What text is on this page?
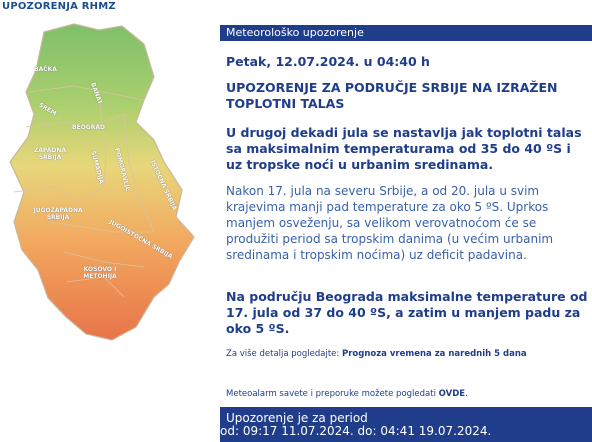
UPOZORENJA RHMZ
BAČKA
BANAT
SREM
BEOGRAD
ZAPADNA SRBIJA	ŠUMADIJA POMORAVLJE	ISTOČNA SRBIJA
JUGOZAPADNA SRBIJA
JUGOISTOČNA SRBIJA
KOSOVO I METOHIJA
Meteorološko upozorenje
Petak, 12.07.2024. u 04:40 h
UPOZORENJE ZA PODRUČJE SRBIJE NA IZRAŽEN TOPLOTNI TALAS
U drugoj dekadi jula se nastavlja jak toplotni talas sa maksimalnim temperaturama od 35 do 40 ºS i uz tropske noći u urbanim sredinama.
Nakon 17. jula na severu Srbije, a od 20. jula u svim krajevima manji pad temperature za oko 5 ºS. Uprkos manjem osveženju, sa velikom verovatnoćom će se produžiti period sa tropskim danima (u većim urbanim sredinama i tropskim noćima) uz deficit padavina.
Na području Beograda maksimalne temperature od 17. jula od 37 do 40 ºS, a zatim u manjem padu za oko 5 ºS.
Za više detalja pogledajte: Prognoza vremena za narednih 5 dana
Meteoalarm savete i preporuke možete pogledati OVDE.
Upozorenje je za period
od: 09:17 11.07.2024. do: 04:41 19.07.2024.
